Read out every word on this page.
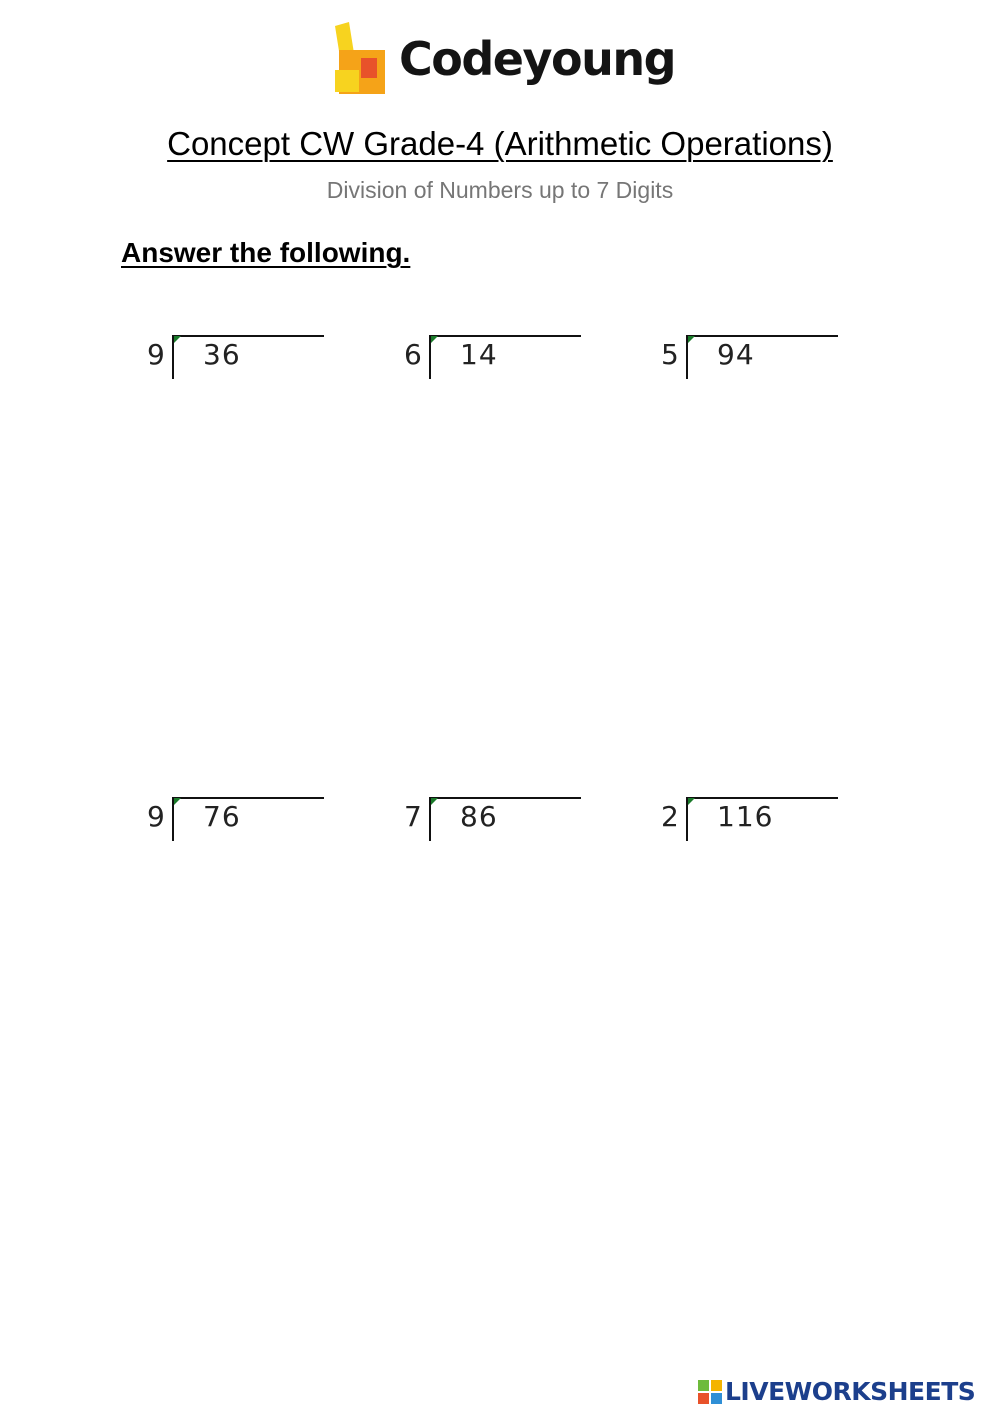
Codeyoung
Concept CW Grade-4 (Arithmetic Operations)
Division of Numbers up to 7 Digits
Answer the following.
9 36	6 14	5 94
9 76	7 86	2 116
LIVEWORKSHEETS
